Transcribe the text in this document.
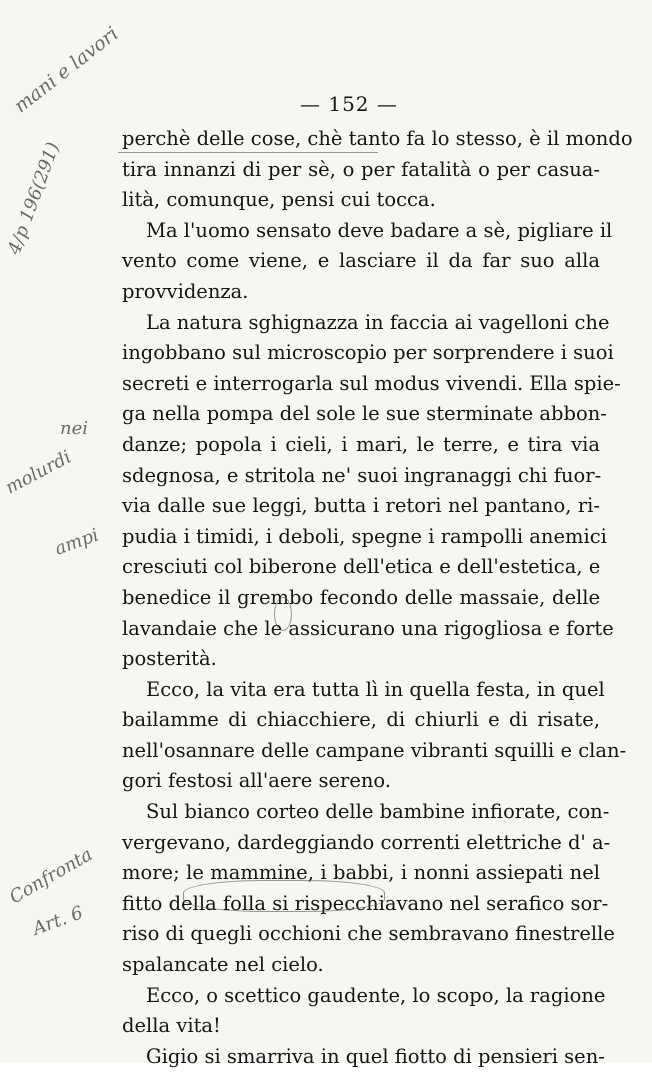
— 152 —
perchè delle cose, chè tanto fa lo stesso, è il mondo
tira innanzi di per sè, o per fatalità o per casua-
lità, comunque, pensi cui tocca.
Ma l'uomo sensato deve badare a sè, pigliare il
vento come viene, e lasciare il da far suo alla
provvidenza.
La natura sghignazza in faccia ai vagelloni che
ingobbano sul microscopio per sorprendere i suoi
secreti e interrogarla sul modus vivendi. Ella spie-
ga nella pompa del sole le sue sterminate abbon-
danze; popola i cieli, i mari, le terre, e tira via
sdegnosa, e stritola ne' suoi ingranaggi chi fuor-
via dalle sue leggi, butta i retori nel pantano, ri-
pudia i timidi, i deboli, spegne i rampolli anemici
cresciuti col biberone dell'etica e dell'estetica, e
benedice il grembo fecondo delle massaie, delle
lavandaie che le assicurano una rigogliosa e forte
posterità.
Ecco, la vita era tutta lì in quella festa, in quel
bailamme di chiacchiere, di chiurli e di risate,
nell'osannare delle campane vibranti squilli e clan-
gori festosi all'aere sereno.
Sul bianco corteo delle bambine infiorate, con-
vergevano, dardeggiando correnti elettriche d' a-
more; le mammine, i babbi, i nonni assiepati nel
fitto della folla si rispecchiavano nel serafico sor-
riso di quegli occhioni che sembravano finestrelle
spalancate nel cielo.
Ecco, o scettico gaudente, lo scopo, la ragione
della vita!
Gigio si smarriva in quel fiotto di pensieri sen-
mani e lavori
4/p 196(291)
nei
molurdi
ampi
Confronta
Art. 6
